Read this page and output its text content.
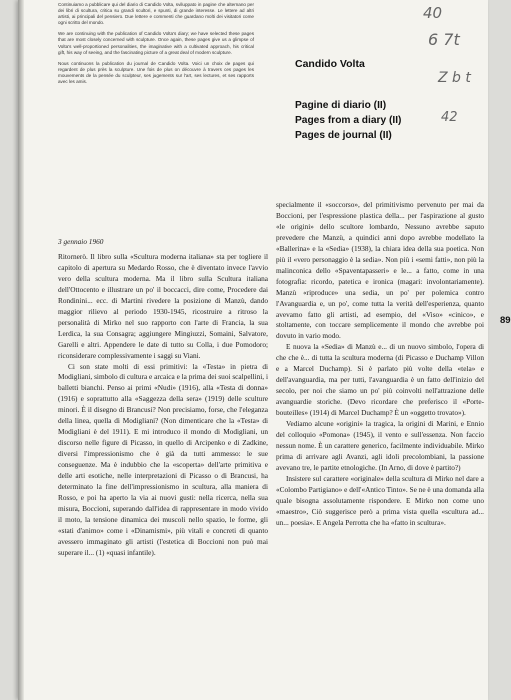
Continuiamo a pubblicare qui del diario di Candido Volta, sviluppato in pagine che alternano per dei libri di scultura, critica su grandi scultori, e spunti, di grande interesse. Le lettere ad altri artisti, ai principali del pensiero. Due lettere e commenti che guardano molti dei visitatori come ogni scritto del mondo.

We are continuing with the publication of Candido Volta's diary; we have selected these pages that are most closely concerned with sculpture. Once again, these pages give us a glimpse of Volta's well-proportioned personalities, the imaginative with a cultivated approach, his critical gift, his way of seeing, and the fascinating picture of a great deal of modern sculpture.

Nous continuons la publication du journal de Candido Volta. Voici un choix de pages qui regardent de plus près la sculpture. Une fois de plus on découvre à travers ces pages les mouvements de la pensée du sculpteur, ses jugements sur l'art, ses lectures, et ses rapports avec les amis.

Candido Volta
Pagine di diario (II)
Pages from a diary (II)
Pages de journal (II)
40
6 7t
Z b t
42
3 gennaio 1960

Ritornerò. Il libro sulla «Scultura moderna italiana» sta per togliere il capitolo di apertura su Medardo Rosso, che è diventato invece l'avvio vero della scultura moderna. Ma il libro sulla Scultura italiana dell'Ottocento e illustrare un po' il boccacci, dire come, Procedere dai Rondinini... ecc. di Martini rivedere la posizione di Manzù, dando maggior rilievo al periodo 1930-1945, ricostruire a ritroso la personalità di Mirko nel suo rapporto con l'arte di Francia, la sua Lerdica, la sua Consagra; aggiungere Mingiuzzi, Somaini, Salvatore, Garelli e altri. Appendere le date di tutto su Colla, i due Pomodoro; riconsiderare complessivamente i saggi su Viani.

Ci son state molti di essi primitivi: la «Testa» in pietra di Modigliani, simbolo di cultura e arcaica e la prima dei suoi scalpellini, i balletti bianchi. Penso ai primi «Nudi» (1916), alla «Testa di donna» (1916) e soprattutto alla «Saggezza della sera» (1919) delle sculture minori. È il disegno di Brancusi? Non precisiamo, forse, che l'eleganza della linea, quella di Modigliani? (Non dimenticare che la «Testa» di Modigliani è del 1911). E mi introduco il mondo di Modigliani, un discorso nelle figure di Picasso, in quello di Arcipenko e di Zadkine, diversi l'impressionismo che è già da tutti ammesso: le sue conseguenze. Ma è indubbio che la «scoperta» dell'arte primitiva e delle arti esotiche, nelle interpretazioni di Picasso o di Brancusi, ha determinato la fine dell'impressionismo in scultura, alla maniera di Rosso, e poi ha aperto la via ai nuovi gusti: nella ricerca, nella sua misura, Boccioni, superando dall'idea di rappresentare in modo vivido il moto, la tensione dinamica dei muscoli nello spazio, le forme, gli «stati d'animo» come i «Dinamismi», più vitali e concreti di quanto avessero immaginato gli artisti (l'estetica di Boccioni non può mai superare il... (1) «quasi infantile).

specialmente il «soccorso», del primitivismo pervenuto per mai da Boccioni, per l'espressione plastica della... per l'aspirazione al gusto «le origini» dello scultore lombardo, Nessuno avrebbe saputo prevedere che Manzù, a quindici anni dopo avrebbe modellato la «Ballerina» e la «Sedia» (1938), la chiara idea della sua poetica. Non più il «vero personaggio è la sedia». Non più i «semi fatti», non più la malinconica dello «Spaventapasseri» e le... a fatto, come in una fotografia: ricordo, patetica e ironica (magari: involontariamente). Manzù «riproduce» una sedia, un po' per polemica contro l'Avanguardia e, un po', come tutta la verità dell'esperienza, quanto avevamo fatto gli artisti, ad esempio, del «Viso» «cinico», e stoltamente, con toccare semplicemente il mondo che avrebbe poi dovuto in vario modo.

E nuova la «Sedia» di Manzù e... di un nuovo simbolo, l'opera di che che è... di tutta la scultura moderna (di Picasso e Duchamp Villon e a Marcel Duchamp). Si è parlato più volte della «tela» e dell'avanguardia, ma per tutti, l'avanguardia è un fatto dell'inizio del secolo, per noi che siamo un po' più coinvolti nell'attrazione delle avanguardie storiche. (Devo ricordare che preferisco il «Porte-bouteilles» (1914) di Marcel Duchamp? È un «oggetto trovato»).

Vediamo alcune «origini» la tragica, la origini di Marini, e Ennio del colloquio «Pomona» (1945), il vento e sull'essenza. Non faccio nessun nome. È un carattere generico, facilmente individuabile. Mirko prima di arrivare agli Avanzi, agli idoli precolombiani, la passione avevano tre, le partite etnologiche. (In Arno, di dove è partito?)

Insistere sul carattere «originale» della scultura di Mirko nel dare a «Colombo Partigiano» e dell'«Antico Tinto». Se ne è una domanda alla quale bisogna assolutamente rispondere. E Mirko non come uno «maestro», Ciò suggerisce però a prima vista quella «scultura ad... un... poesia». E Angela Perrotta che ha «fatto in scultura».

89
